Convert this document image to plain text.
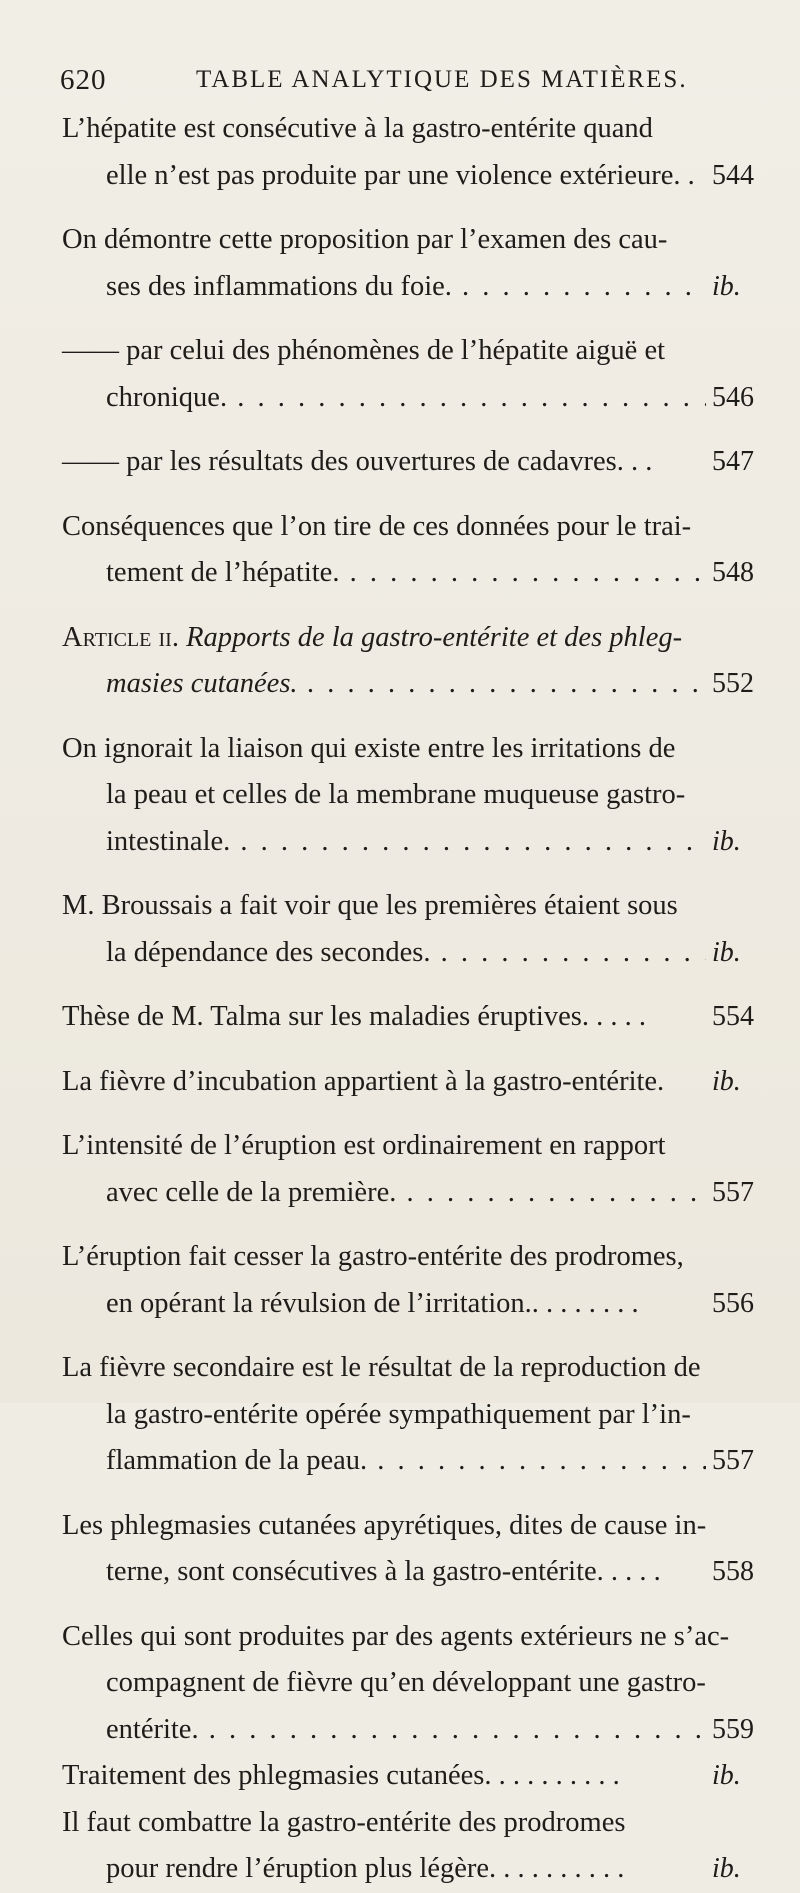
620	TABLE ANALYTIQUE DES MATIÈRES.
L’hépatite est consécutive à la gastro-entérite quand
elle n’est pas produite par une violence extérieure. . 544
On démontre cette proposition par l’examen des cau-
ses des inflammations du foie. . . .	ib.
—— par celui des phénomènes de l’hépatite aiguë et
chronique. . . .	546
—— par les résultats des ouvertures de cadavres. . . 547
Conséquences que l’on tire de ces données pour le trai-
tement de l’hépatite. . . .	548
Article ii. Rapports de la gastro-entérite et des phleg-
masies cutanées. . . .	552
On ignorait la liaison qui existe entre les irritations de
la peau et celles de la membrane muqueuse gastro-
intestinale. . . .	ib.
M. Broussais a fait voir que les premières étaient sous
la dépendance des secondes. . . .	ib.
Thèse de M. Talma sur les maladies éruptives. . . . . 554
La fièvre d’incubation appartient à la gastro-entérite. ib.
L’intensité de l’éruption est ordinairement en rapport
avec celle de la première. . . .	557
L’éruption fait cesser la gastro-entérite des prodromes,
en opérant la révulsion de l’irritation.. . . . . . . .	556
La fièvre secondaire est le résultat de la reproduction de
la gastro-entérite opérée sympathiquement par l’in-
flammation de la peau. . . .	557
Les phlegmasies cutanées apyrétiques, dites de cause in-
terne, sont consécutives à la gastro-entérite. . . . . 558
Celles qui sont produites par des agents extérieurs ne s’ac-
compagnent de fièvre qu’en développant une gastro-
entérite. . . .	559
Traitement des phlegmasies cutanées. . . . . . . . . .	ib.
Il faut combattre la gastro-entérite des prodromes
pour rendre l’éruption plus légère. . . . . . . . . .	ib.
